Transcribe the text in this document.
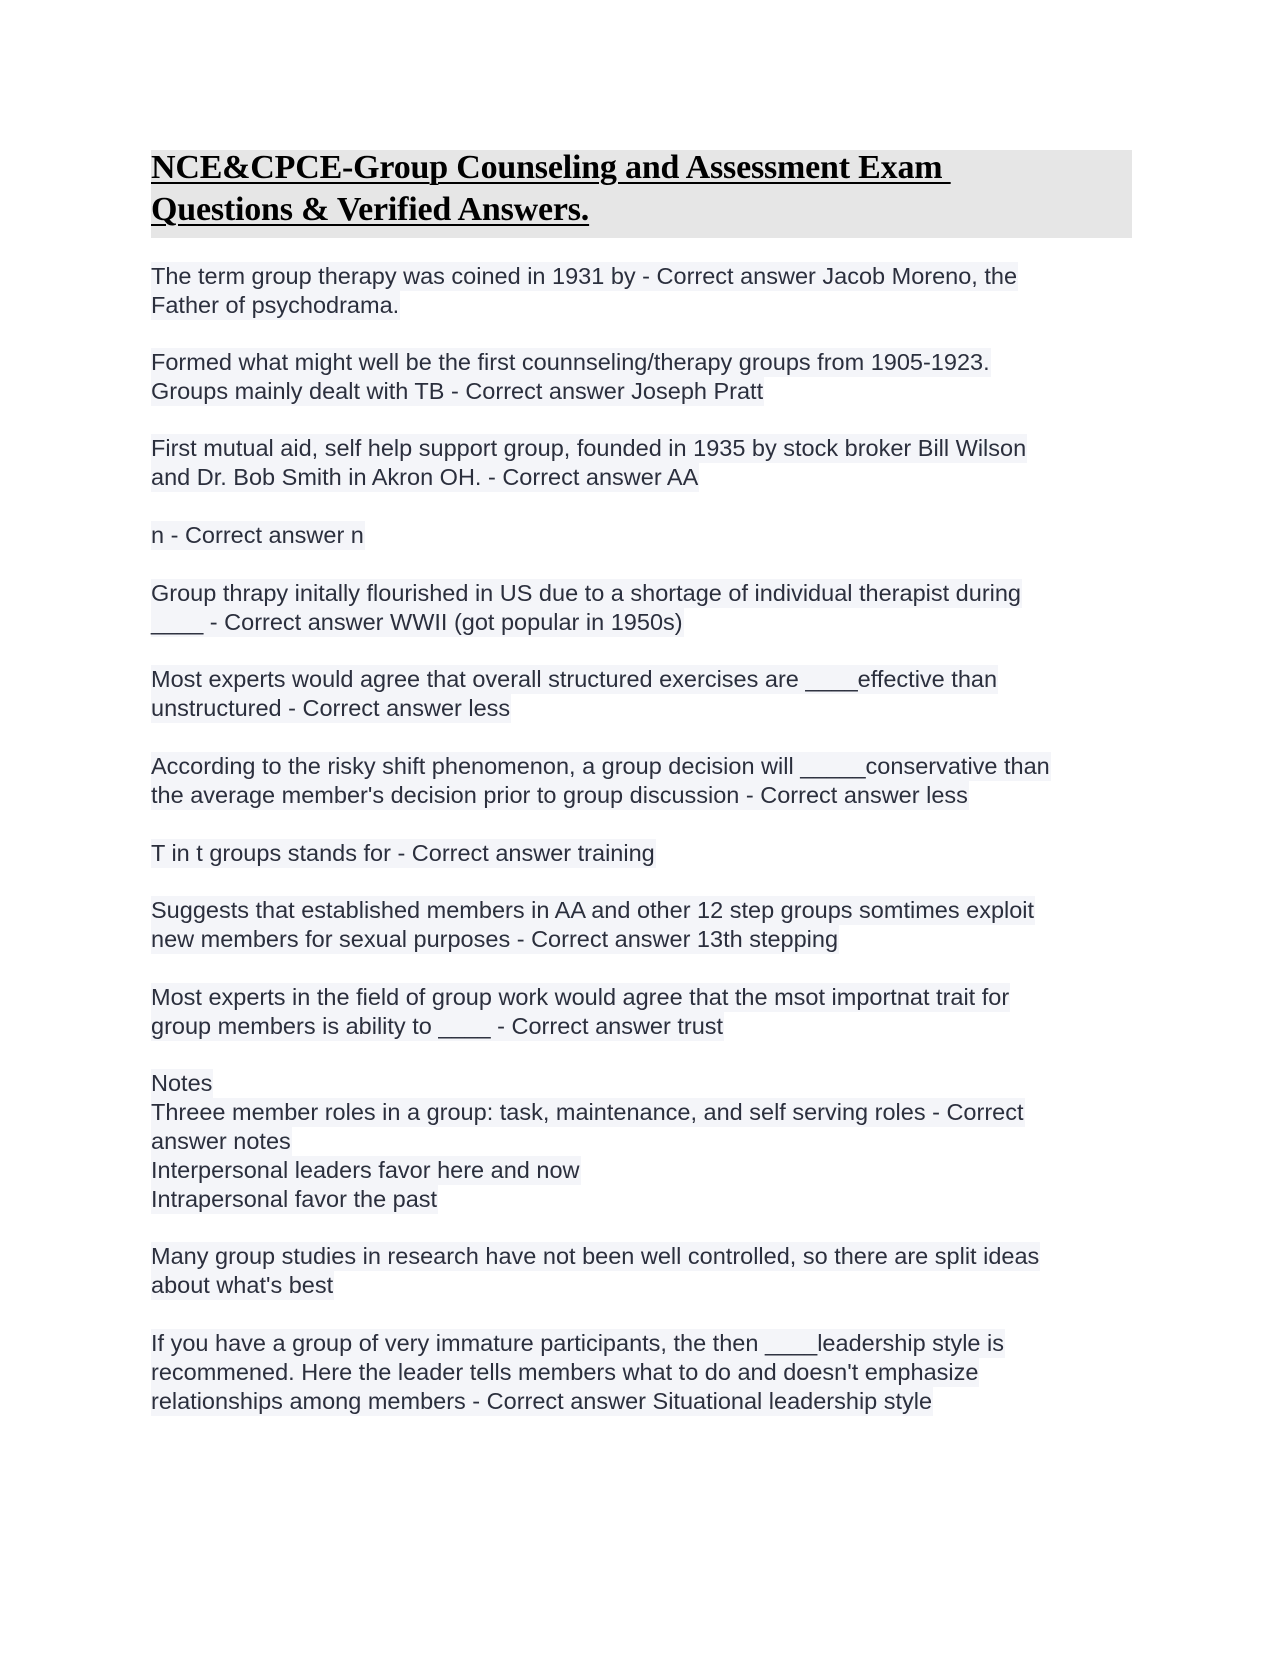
NCE&CPCE-Group Counseling and Assessment Exam
Questions & Verified Answers.
The term group therapy was coined in 1931 by - Correct answer Jacob Moreno, the
Father of psychodrama.
Formed what might well be the first counnseling/therapy groups from 1905-1923.
Groups mainly dealt with TB - Correct answer Joseph Pratt
First mutual aid, self help support group, founded in 1935 by stock broker Bill Wilson
and Dr. Bob Smith in Akron OH. - Correct answer AA
n - Correct answer n
Group thrapy initally flourished in US due to a shortage of individual therapist during
____ - Correct answer WWII (got popular in 1950s)
Most experts would agree that overall structured exercises are ____effective than
unstructured - Correct answer less
According to the risky shift phenomenon, a group decision will _____conservative than
the average member's decision prior to group discussion - Correct answer less
T in t groups stands for - Correct answer training
Suggests that established members in AA and other 12 step groups somtimes exploit
new members for sexual purposes - Correct answer 13th stepping
Most experts in the field of group work would agree that the msot importnat trait for
group members is ability to ____ - Correct answer trust
Notes
Threee member roles in a group: task, maintenance, and self serving roles - Correct
answer notes
Interpersonal leaders favor here and now
Intrapersonal favor the past
Many group studies in research have not been well controlled, so there are split ideas
about what's best
If you have a group of very immature participants, the then ____leadership style is
recommened. Here the leader tells members what to do and doesn't emphasize
relationships among members - Correct answer Situational leadership style
